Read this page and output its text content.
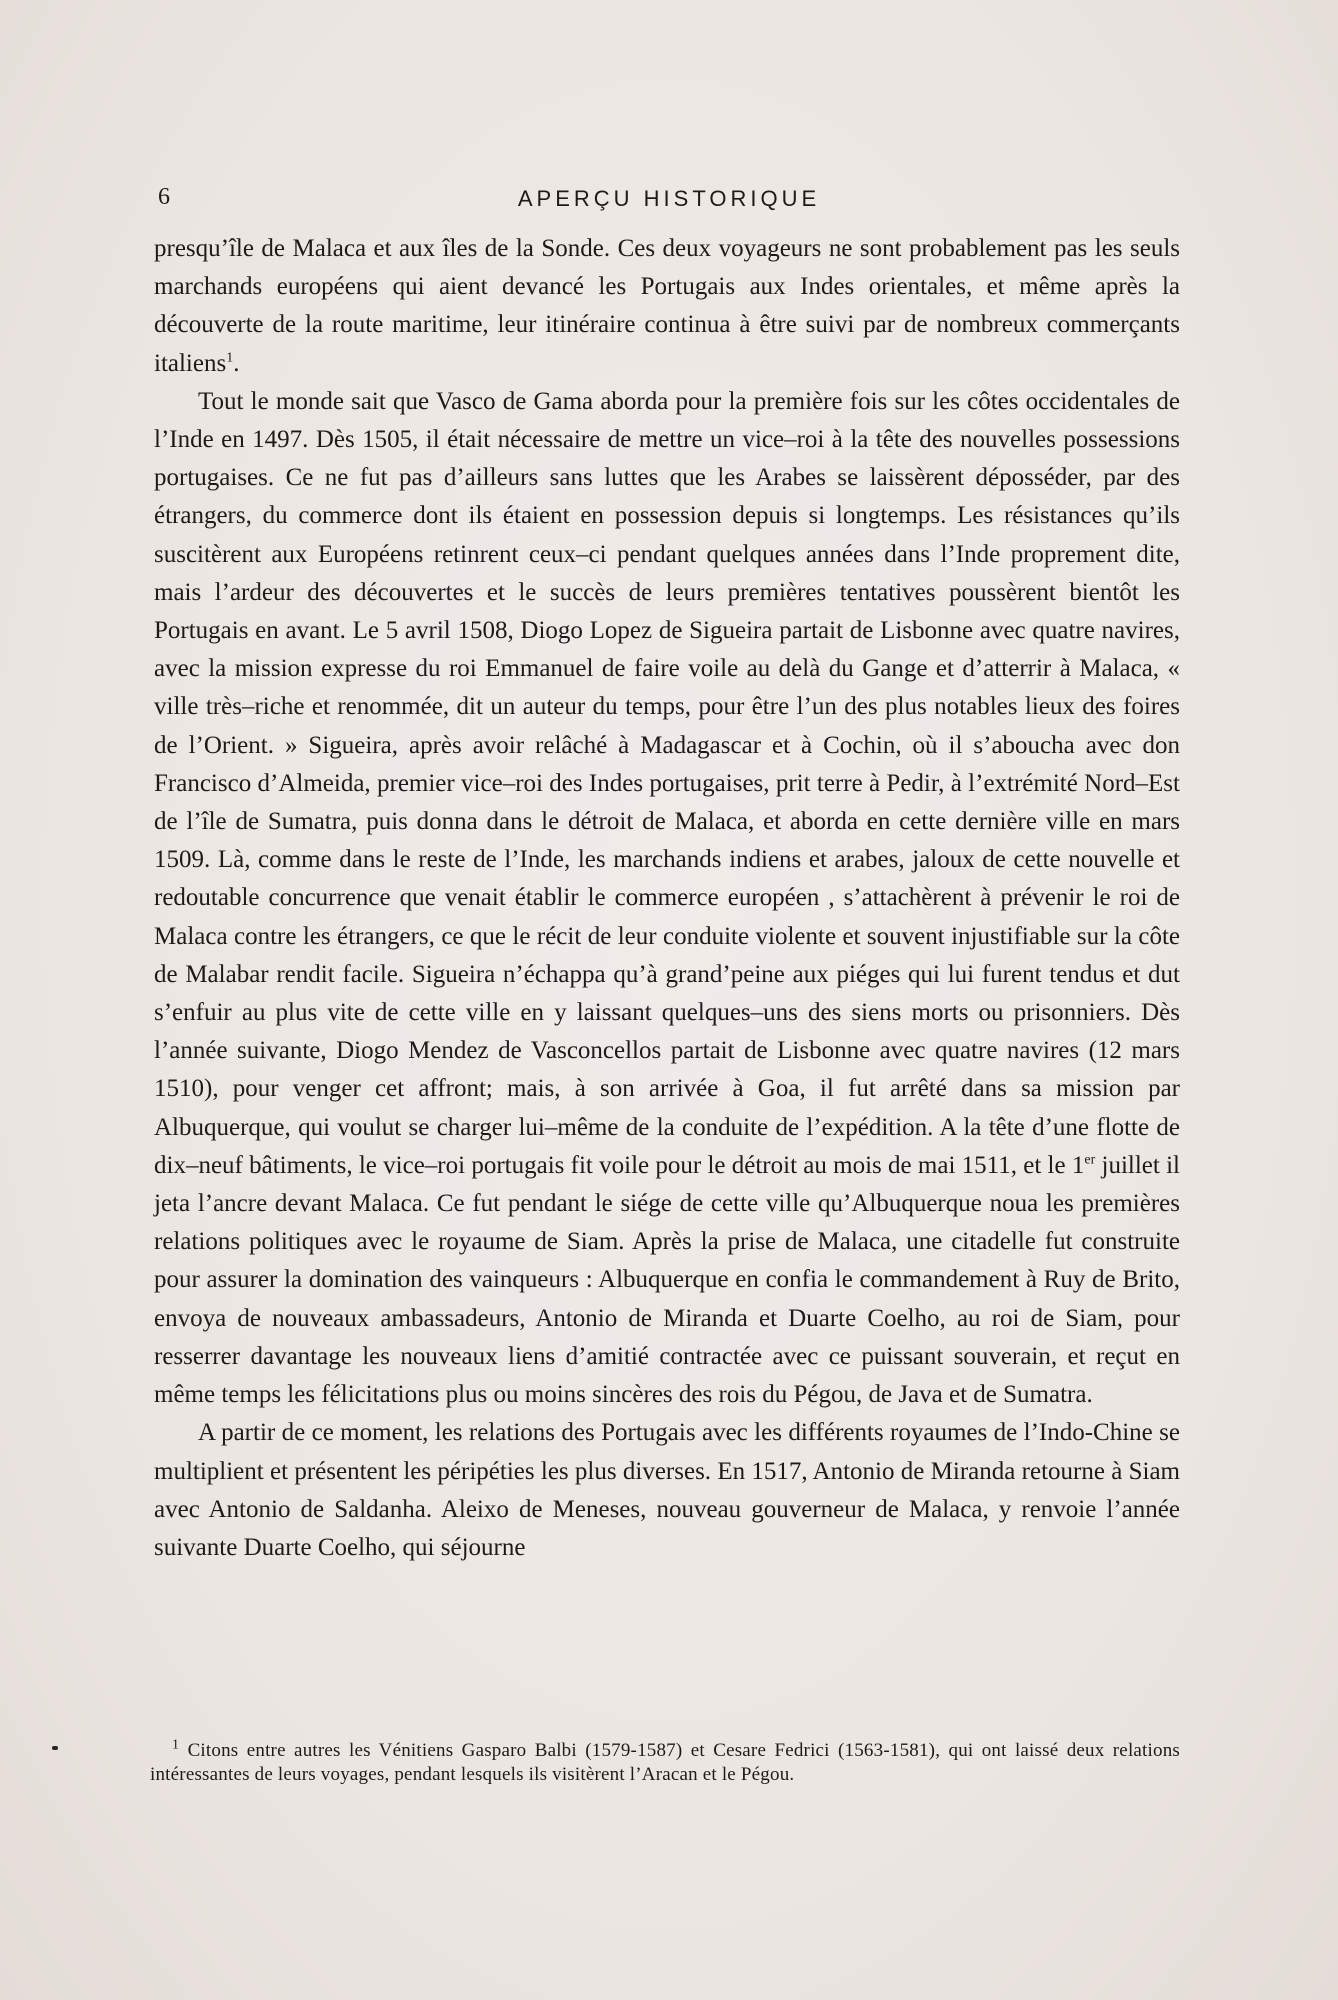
6	APERÇU HISTORIQUE

presqu’île de Malaca et aux îles de la Sonde. Ces deux voyageurs ne sont probablement pas les seuls marchands européens qui aient devancé les Portugais aux Indes orientales, et même après la découverte de la route maritime, leur itinéraire continua à être suivi par de nombreux commerçants italiens$^1$.

Tout le monde sait que Vasco de Gama aborda pour la première fois sur les côtes occidentales de l’Inde en 1497. Dès 1505, il était nécessaire de mettre un vice–roi à la tête des nouvelles possessions portugaises. Ce ne fut pas d’ailleurs sans luttes que les Arabes se laissèrent déposséder, par des étrangers, du commerce dont ils étaient en possession depuis si longtemps. Les résistances qu’ils suscitèrent aux Européens retinrent ceux–ci pendant quelques années dans l’Inde proprement dite, mais l’ardeur des découvertes et le succès de leurs premières tentatives poussèrent bientôt les Portugais en avant. Le 5 avril 1508, Diogo Lopez de Sigueira partait de Lisbonne avec quatre navires, avec la mission expresse du roi Emmanuel de faire voile au delà du Gange et d’atterrir à Malaca, « ville très–riche et renommée, dit un auteur du temps, pour être l’un des plus notables lieux des foires de l’Orient. » Sigueira, après avoir relâché à Madagascar et à Cochin, où il s’aboucha avec don Francisco d’Almeida, premier vice–roi des Indes portugaises, prit terre à Pedir, à l’extrémité Nord–Est de l’île de Sumatra, puis donna dans le détroit de Malaca, et aborda en cette dernière ville en mars 1509. Là, comme dans le reste de l’Inde, les marchands indiens et arabes, jaloux de cette nouvelle et redoutable concurrence que venait établir le commerce européen , s’attachèrent à prévenir le roi de Malaca contre les étrangers, ce que le récit de leur conduite violente et souvent injustifiable sur la côte de Malabar rendit facile. Sigueira n’échappa qu’à grand’peine aux piéges qui lui furent tendus et dut s’enfuir au plus vite de cette ville en y laissant quelques–uns des siens morts ou prisonniers. Dès l’année suivante, Diogo Mendez de Vasconcellos partait de Lisbonne avec quatre navires (12 mars 1510), pour venger cet affront; mais, à son arrivée à Goa, il fut arrêté dans sa mission par Albuquerque, qui voulut se charger lui–même de la conduite de l’expédition. A la tête d’une flotte de dix–neuf bâtiments, le vice–roi portugais fit voile pour le détroit au mois de mai 1511, et le 1er juillet il jeta l’ancre devant Malaca. Ce fut pendant le siége de cette ville qu’Albuquerque noua les premières relations politiques avec le royaume de Siam. Après la prise de Malaca, une citadelle fut construite pour assurer la domination des vainqueurs : Albuquerque en confia le commandement à Ruy de Brito, envoya de nouveaux ambassadeurs, Antonio de Miranda et Duarte Coelho, au roi de Siam, pour resserrer davantage les nouveaux liens d’amitié contractée avec ce puissant souverain, et reçut en même temps les félicitations plus ou moins sincères des rois du Pégou, de Java et de Sumatra.

A partir de ce moment, les relations des Portugais avec les différents royaumes de l’Indo-Chine se multiplient et présentent les péripéties les plus diverses. En 1517, Antonio de Miranda retourne à Siam avec Antonio de Saldanha. Aleixo de Meneses, nouveau gouverneur de Malaca, y renvoie l’année suivante Duarte Coelho, qui séjourne

$^1$ Citons entre autres les Vénitiens Gasparo Balbi (1579-1587) et Cesare Fedrici (1563-1581), qui ont laissé deux relations intéressantes de leurs voyages, pendant lesquels ils visitèrent l’Aracan et le Pégou.
